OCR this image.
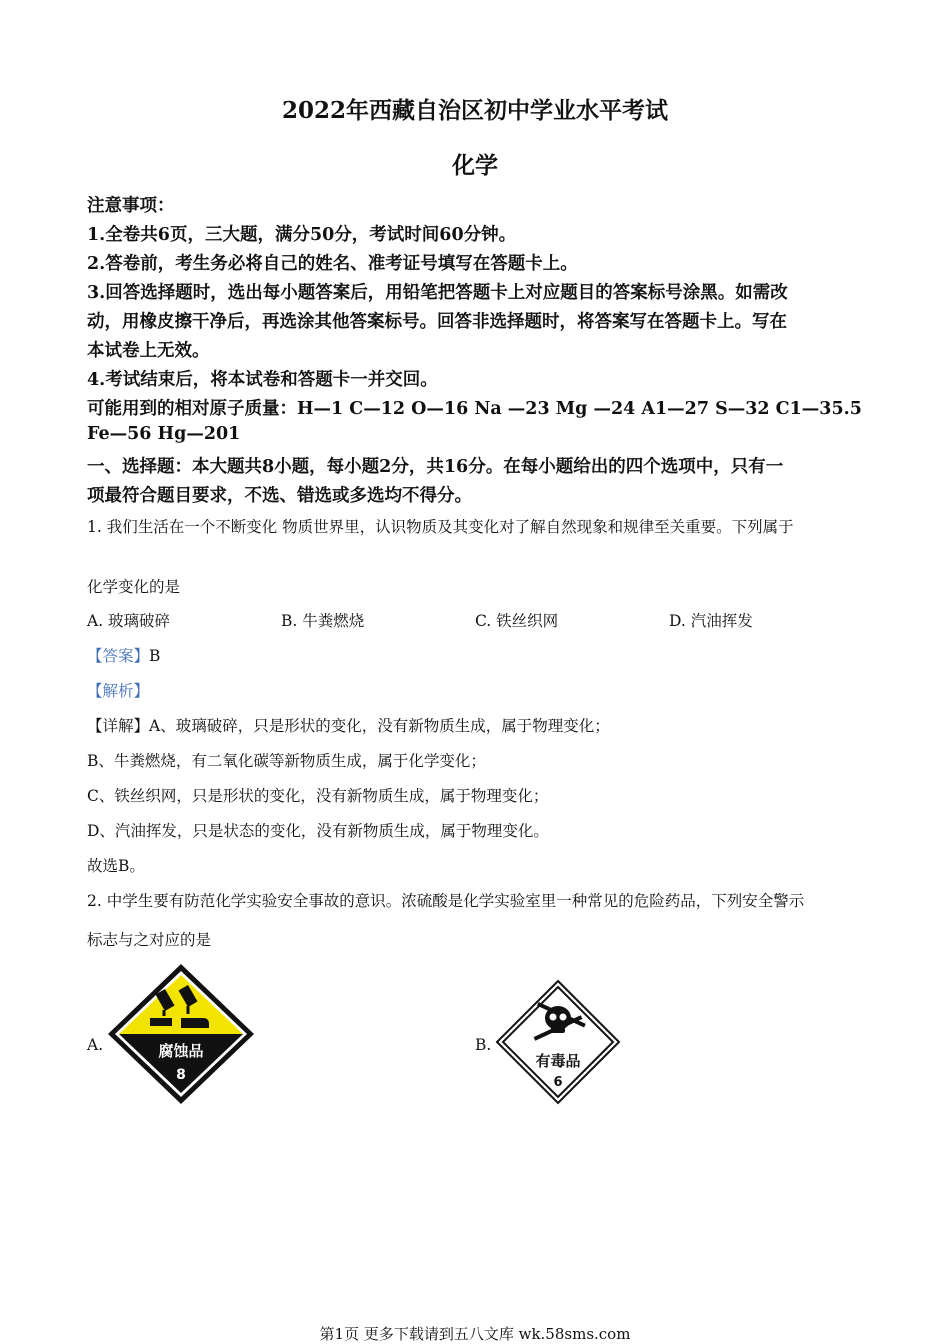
2022年西藏自治区初中学业水平考试
化学
注意事项：
1.全卷共6页，三大题，满分50分，考试时间60分钟。
2.答卷前，考生务必将自己的姓名、准考证号填写在答题卡上。
3.回答选择题时，选出每小题答案后，用铅笔把答题卡上对应题目的答案标号涂黑。如需改
动，用橡皮擦干净后，再选涂其他答案标号。回答非选择题时，将答案写在答题卡上。写在
本试卷上无效。
4.考试结束后，将本试卷和答题卡一并交回。
可能用到的相对原子质量：H—1 C—12 O—16 Na —23 Mg —24 A1—27 S—32 C1—35.5
Fe—56 Hg—201
一、选择题：本大题共8小题，每小题2分，共16分。在每小题给出的四个选项中，只有一
项最符合题目要求，不选、错选或多选均不得分。
1. 我们生活在一个不断变化 物质世界里，认识物质及其变化对了解自然现象和规律至关重要。下列属于
化学变化的是
A. 玻璃破碎	B. 牛粪燃烧	C. 铁丝织网	D. 汽油挥发
【答案】B
【解析】
【详解】A、玻璃破碎，只是形状的变化，没有新物质生成，属于物理变化；
B、牛粪燃烧，有二氧化碳等新物质生成，属于化学变化；
C、铁丝织网，只是形状的变化，没有新物质生成，属于物理变化；
D、汽油挥发，只是状态的变化，没有新物质生成，属于物理变化。
故选B。
2. 中学生要有防范化学实验安全事故的意识。浓硫酸是化学实验室里一种常见的危险药品，下列安全警示
标志与之对应的是
A.	B.
腐蚀品
8
有毒品
6
第1页 更多下载请到五八文库 wk.58sms.com
